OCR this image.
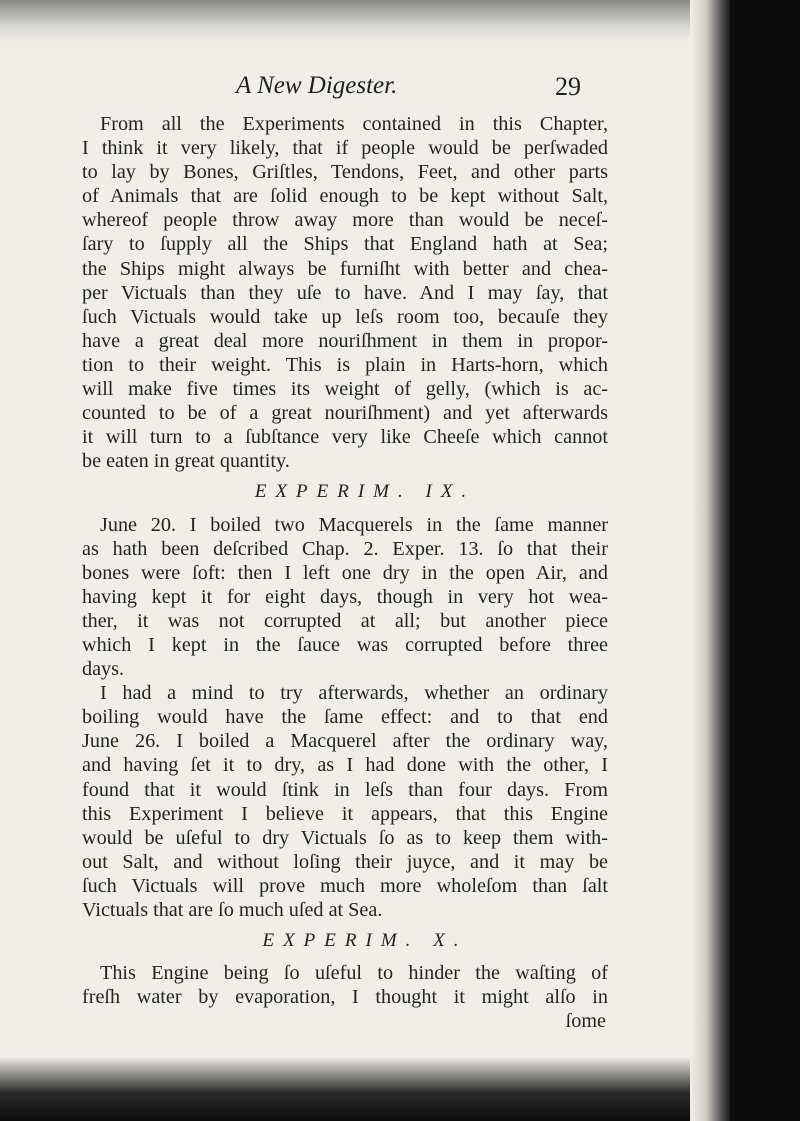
A New Digester.	29
From all the Experiments contained in this Chapter,
I think it very likely, that if people would be perſwaded
to lay by Bones, Griſtles, Tendons, Feet, and other parts
of Animals that are ſolid enough to be kept without Salt,
whereof people throw away more than would be neceſ-
ſary to ſupply all the Ships that England hath at Sea;
the Ships might always be furniſht with better and chea-
per Victuals than they uſe to have. And I may ſay, that
ſuch Victuals would take up leſs room too, becauſe they
have a great deal more nouriſhment in them in propor-
tion to their weight. This is plain in Harts-horn, which
will make five times its weight of gelly, (which is ac-
counted to be of a great nouriſhment) and yet afterwards
it will turn to a ſubſtance very like Cheeſe which cannot
be eaten in great quantity.
EXPERIM. IX.
June 20. I boiled two Macquerels in the ſame manner
as hath been deſcribed Chap. 2. Exper. 13. ſo that their
bones were ſoft: then I left one dry in the open Air, and
having kept it for eight days, though in very hot wea-
ther, it was not corrupted at all; but another piece
which I kept in the ſauce was corrupted before three
days.
I had a mind to try afterwards, whether an ordinary
boiling would have the ſame effect: and to that end
June 26. I boiled a Macquerel after the ordinary way,
and having ſet it to dry, as I had done with the other, I
found that it would ſtink in leſs than four days. From
this Experiment I believe it appears, that this Engine
would be uſeful to dry Victuals ſo as to keep them with-
out Salt, and without loſing their juyce, and it may be
ſuch Victuals will prove much more wholeſom than ſalt
Victuals that are ſo much uſed at Sea.
EXPERIM. X.
This Engine being ſo uſeful to hinder the waſting of
freſh water by evaporation, I thought it might alſo in
ſome
